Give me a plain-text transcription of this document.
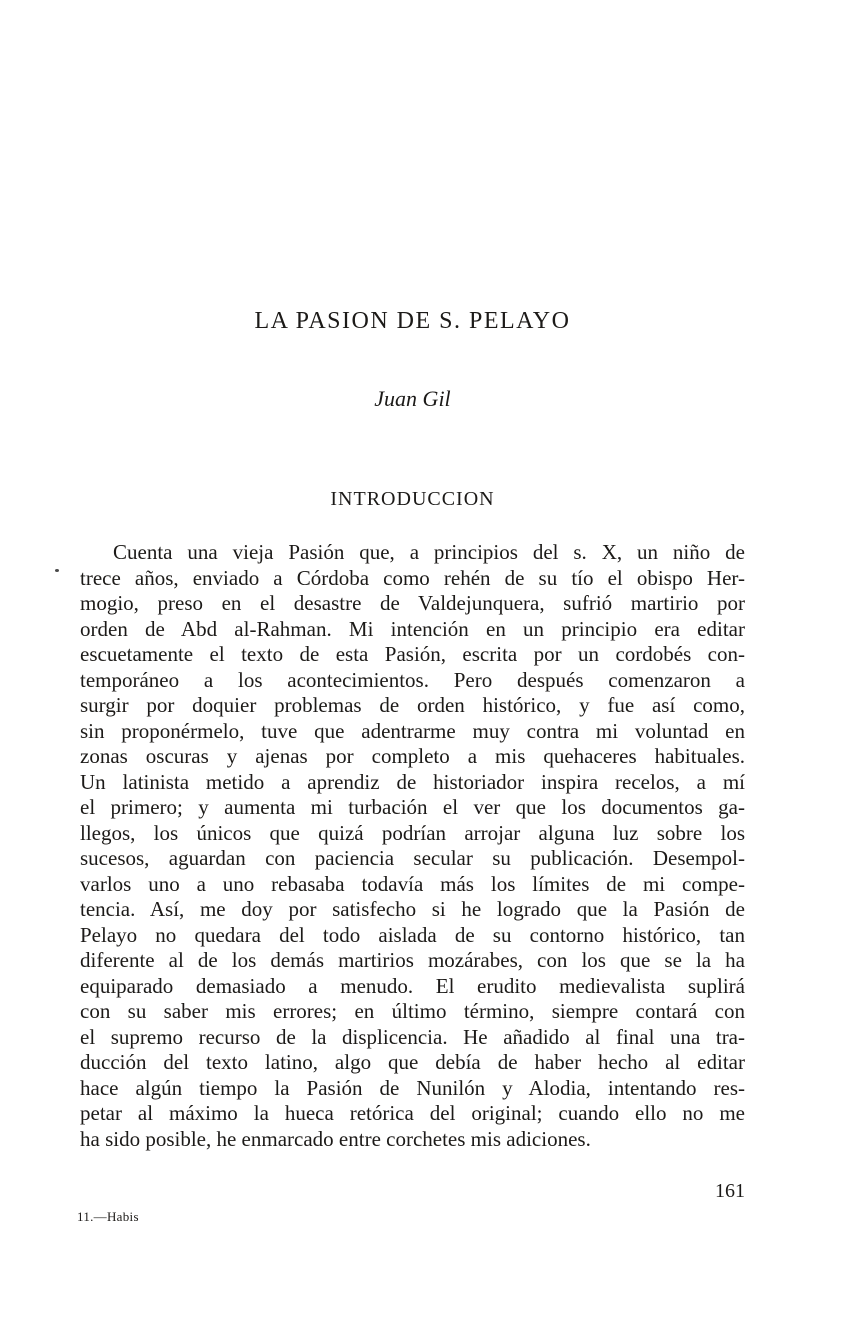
LA PASION DE S. PELAYO
Juan Gil
INTRODUCCION
Cuenta una vieja Pasión que, a principios del s. X, un niño de
trece años, enviado a Córdoba como rehén de su tío el obispo Her-
mogio, preso en el desastre de Valdejunquera, sufrió martirio por
orden de Abd al-Rahman. Mi intención en un principio era editar
escuetamente el texto de esta Pasión, escrita por un cordobés con-
temporáneo a los acontecimientos. Pero después comenzaron a
surgir por doquier problemas de orden histórico, y fue así como,
sin proponérmelo, tuve que adentrarme muy contra mi voluntad en
zonas oscuras y ajenas por completo a mis quehaceres habituales.
Un latinista metido a aprendiz de historiador inspira recelos, a mí
el primero; y aumenta mi turbación el ver que los documentos ga-
llegos, los únicos que quizá podrían arrojar alguna luz sobre los
sucesos, aguardan con paciencia secular su publicación. Desempol-
varlos uno a uno rebasaba todavía más los límites de mi compe-
tencia. Así, me doy por satisfecho si he logrado que la Pasión de
Pelayo no quedara del todo aislada de su contorno histórico, tan
diferente al de los demás martirios mozárabes, con los que se la ha
equiparado demasiado a menudo. El erudito medievalista suplirá
con su saber mis errores; en último término, siempre contará con
el supremo recurso de la displicencia. He añadido al final una tra-
ducción del texto latino, algo que debía de haber hecho al editar
hace algún tiempo la Pasión de Nunilón y Alodia, intentando res-
petar al máximo la hueca retórica del original; cuando ello no me
ha sido posible, he enmarcado entre corchetes mis adiciones.
161
11.—Habis
